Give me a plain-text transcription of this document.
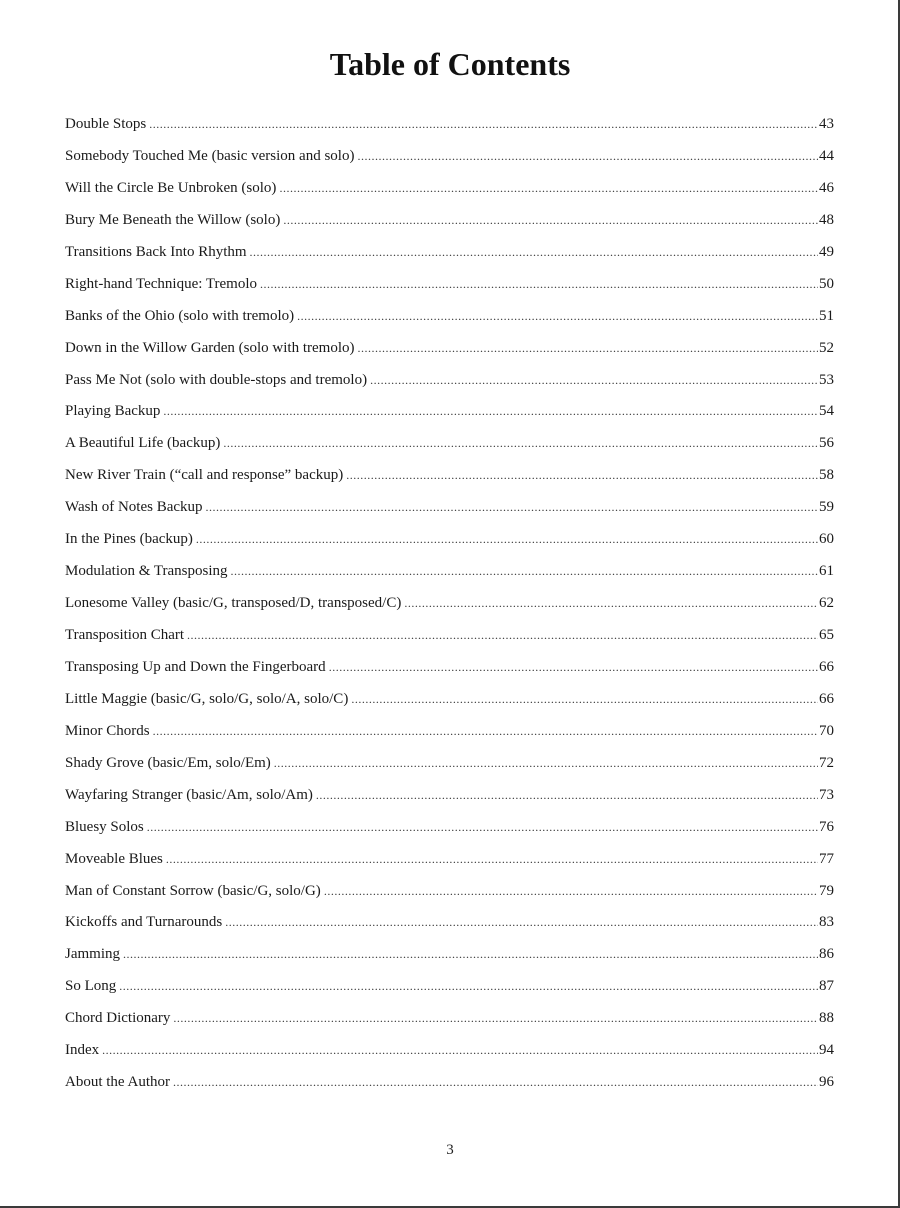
Table of Contents
Double Stops .....	43
Somebody Touched Me (basic version and solo) .....	44
Will the Circle Be Unbroken (solo) .....	46
Bury Me Beneath the Willow (solo) .....	48
Transitions Back Into Rhythm .....	49
Right-hand Technique: Tremolo .....	50
Banks of the Ohio (solo with tremolo) .....	51
Down in the Willow Garden (solo with tremolo) .....	52
Pass Me Not (solo with double-stops and tremolo) .....	53
Playing Backup .....	54
A Beautiful Life (backup) .....	56
New River Train (“call and response” backup) .....	58
Wash of Notes Backup .....	59
In the Pines (backup) .....	60
Modulation & Transposing .....	61
Lonesome Valley (basic/G, transposed/D, transposed/C) .....	62
Transposition Chart .....	65
Transposing Up and Down the Fingerboard .....	66
Little Maggie (basic/G, solo/G, solo/A, solo/C) .....	66
Minor Chords .....	70
Shady Grove (basic/Em, solo/Em) .....	72
Wayfaring Stranger (basic/Am, solo/Am) .....	73
Bluesy Solos .....	76
Moveable Blues .....	77
Man of Constant Sorrow (basic/G, solo/G) .....	79
Kickoffs and Turnarounds .....	83
Jamming .....	86
So Long .....	87
Chord Dictionary .....	88
Index .....	94
About the Author .....	96
3
